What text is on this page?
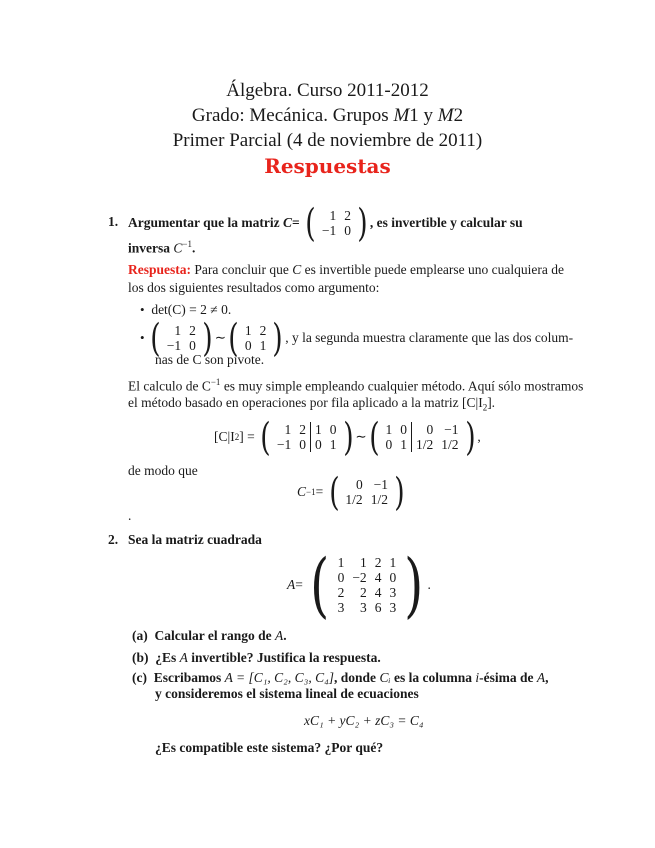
Álgebra. Curso 2011-2012
Grado: Mecánica. Grupos M1 y M2
Primer Parcial (4 de noviembre de 2011)
Respuestas
1. Argumentar que la matriz
C =
( 1	2
−1	0 ) , es invertible y calcular su
inversa $C^{-1}$.
Respuesta: Para concluir que C es invertible puede emplearse uno cualquiera de
los dos siguientes resultados como argumento:
• det(C) = 2 ≠ 0.
•
( 1	2
−1	0 ) ∼ ( 1	2
0	1 ) , y la segunda muestra claramente que las dos colum-
nas de C son pivote.
El calculo de $C^{-1}$ es muy simple empleando cualquier método. Aquí sólo mostramos
el método basado en operaciones por fila aplicado a la matriz $[C|I_2]$.
[C|I 2 ] =
( 1	2	1	0
−1	0	0	1 ) ∼ ( 1	0	0	−1
0	1	1/2	1/2 ) ,
de modo que
C −1 =
( 0	−1
1/2	1/2 )
.
2. Sea la matriz cuadrada
A =
( 1	1	2	1
0	−2	4	0
2	2	4	3
3	3	6	3 ) .
(a) Calcular el rango de A.
(b) ¿Es A invertible? Justifica la respuesta.
(c) Escribamos A = [C₁, C₂, C₃, C₄], donde Cᵢ es la columna i-ésima de A,
y consideremos el sistema lineal de ecuaciones
xC₁ + yC₂ + zC₃ = C₄
¿Es compatible este sistema? ¿Por qué?
